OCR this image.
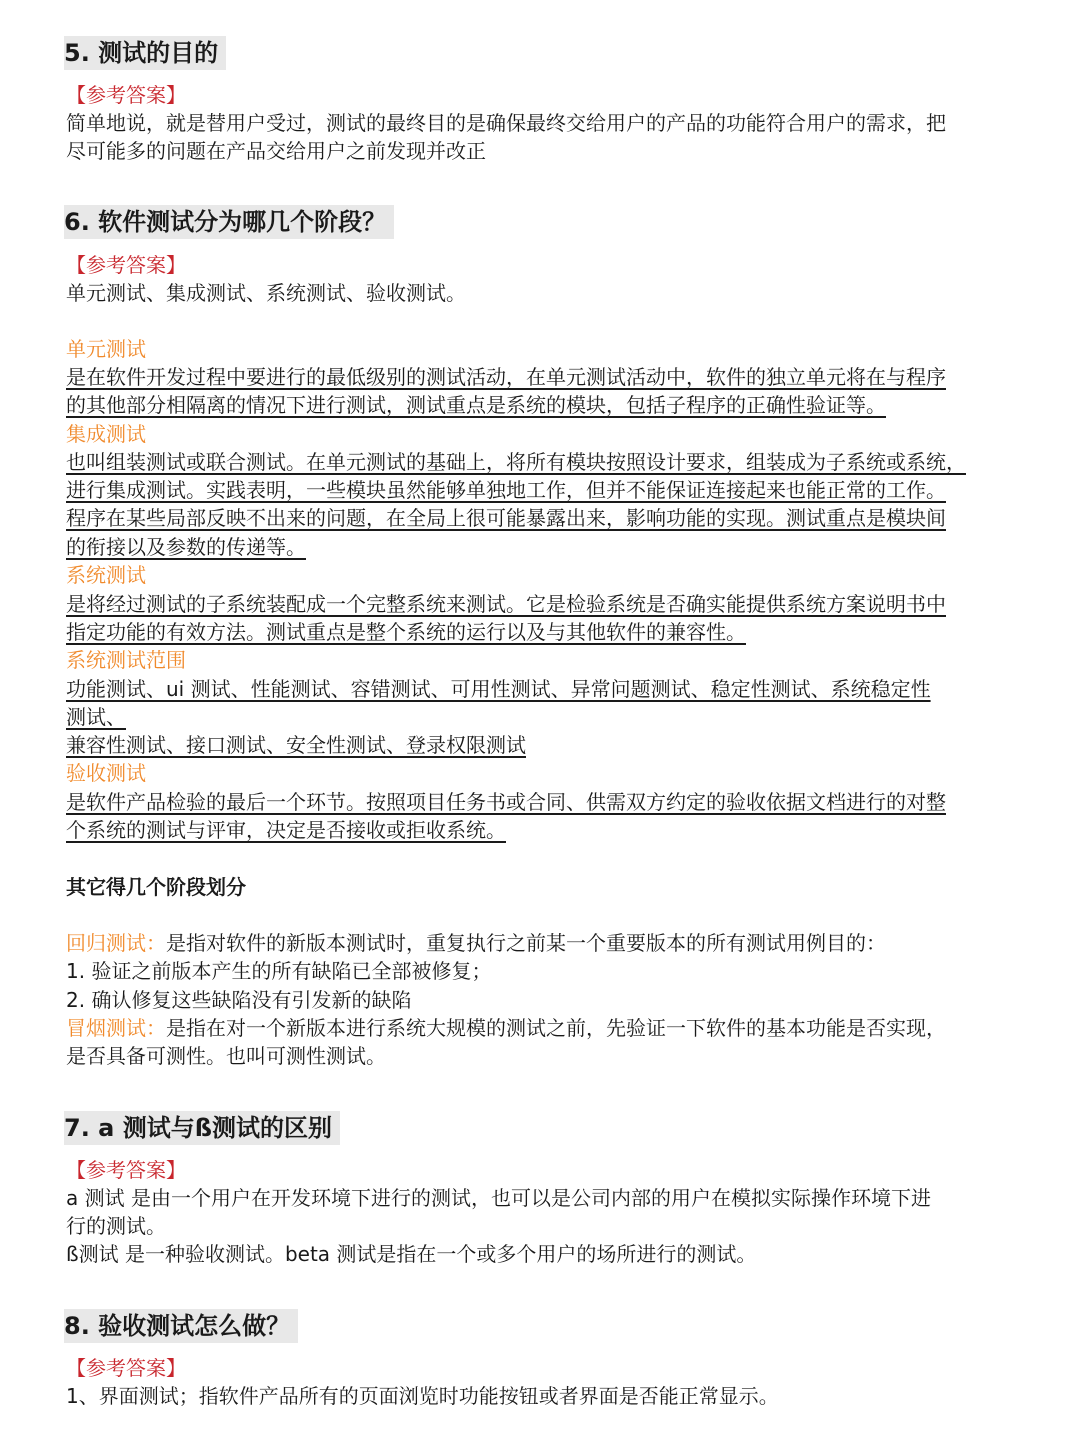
5. 测试的目的
【参考答案】
简单地说，就是替用户受过，测试的最终目的是确保最终交给用户的产品的功能符合用户的需求，把
尽可能多的问题在产品交给用户之前发现并改正
6. 软件测试分为哪几个阶段？
【参考答案】
单元测试、集成测试、系统测试、验收测试。
单元测试
是在软件开发过程中要进行的最低级别的测试活动，在单元测试活动中，软件的独立单元将在与程序
的其他部分相隔离的情况下进行测试，测试重点是系统的模块，包括子程序的正确性验证等。
集成测试
也叫组装测试或联合测试。在单元测试的基础上，将所有模块按照设计要求，组装成为子系统或系统，
进行集成测试。实践表明，一些模块虽然能够单独地工作，但并不能保证连接起来也能正常的工作。
程序在某些局部反映不出来的问题，在全局上很可能暴露出来，影响功能的实现。测试重点是模块间
的衔接以及参数的传递等。
系统测试
是将经过测试的子系统装配成一个完整系统来测试。它是检验系统是否确实能提供系统方案说明书中
指定功能的有效方法。测试重点是整个系统的运行以及与其他软件的兼容性。
系统测试范围
功能测试、ui 测试、性能测试、容错测试、可用性测试、异常问题测试、稳定性测试、系统稳定性
测试、
兼容性测试、接口测试、安全性测试、登录权限测试
验收测试
是软件产品检验的最后一个环节。按照项目任务书或合同、供需双方约定的验收依据文档进行的对整
个系统的测试与评审，决定是否接收或拒收系统。
其它得几个阶段划分
回归测试：是指对软件的新版本测试时，重复执行之前某一个重要版本的所有测试用例目的：
1. 验证之前版本产生的所有缺陷已全部被修复；
2. 确认修复这些缺陷没有引发新的缺陷
冒烟测试：是指在对一个新版本进行系统大规模的测试之前，先验证一下软件的基本功能是否实现，
是否具备可测性。也叫可测性测试。
7. a 测试与ß测试的区别
【参考答案】
a 测试 是由一个用户在开发环境下进行的测试，也可以是公司内部的用户在模拟实际操作环境下进
行的测试。
ß测试 是一种验收测试。beta 测试是指在一个或多个用户的场所进行的测试。
8. 验收测试怎么做？
【参考答案】
1、界面测试；指软件产品所有的页面浏览时功能按钮或者界面是否能正常显示。
